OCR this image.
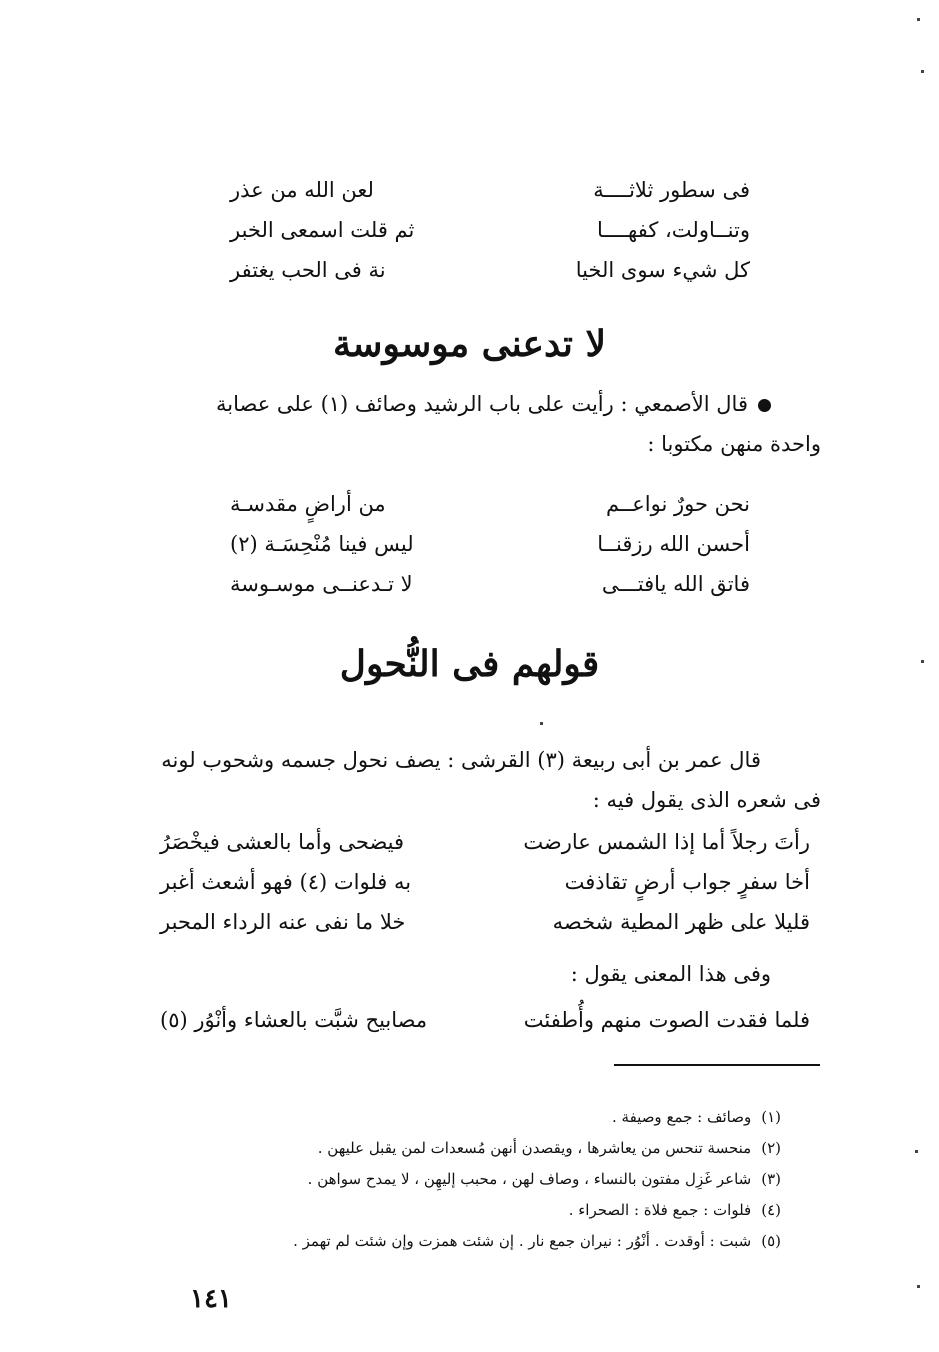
فى سطور ثلاثــــة
لعن الله من عذر
وتنــاولت، كفهــــا
ثم قلت اسمعى الخبر
كل شيء سوى الخيا
نة فى الحب يغتفر
لا تدعنى موسوسة
قال الأصمعي : رأيت على باب الرشيد وصائف (١) على عصابة
واحدة منهن مكتوبا :
نحن حورٌ نواعــم
من أراضٍ مقدسـة
أحسن الله رزقنــا
ليس فينا مُنْحِسَـة (٢)
فاتق الله يافتـــى
لا تـدعنــى موسـوسة
قولهم فى النُّحول
قال عمر بن أبى ربيعة (٣) القرشى : يصف نحول جسمه وشحوب لونه
فى شعره الذى يقول فيه :
رأتَ رجلاً أما إذا الشمس عارضت
فيضحى وأما بالعشى فيخْصَرُ
أخا سفرٍ جواب أرضٍ تقاذفت
به فلوات (٤) فهو أشعث أغبر
قليلا على ظهر المطية شخصه
خلا ما نفى عنه الرداء المحبر
وفى هذا المعنى يقول :
فلما فقدت الصوت منهم وأُطفئت
مصابيح شبَّت بالعشاء وأنْوُر (٥)
(١)وصائف : جمع وصيفة .
(٢)منحسة تنحس من يعاشرها ، ويقصدن أنهن مُسعدات لمن يقبل عليهن .
(٣)شاعر غَزِل مفتون بالنساء ، وصاف لهن ، محبب إليهِن ، لا يمدح سواهن .
(٤)فلوات : جمع فلاة : الصحراء .
(٥)شبت : أوقدت . أنْوُر : نيران جمع نار . إن شئت همزت وإن شئت لم تهمز .
١٤١
